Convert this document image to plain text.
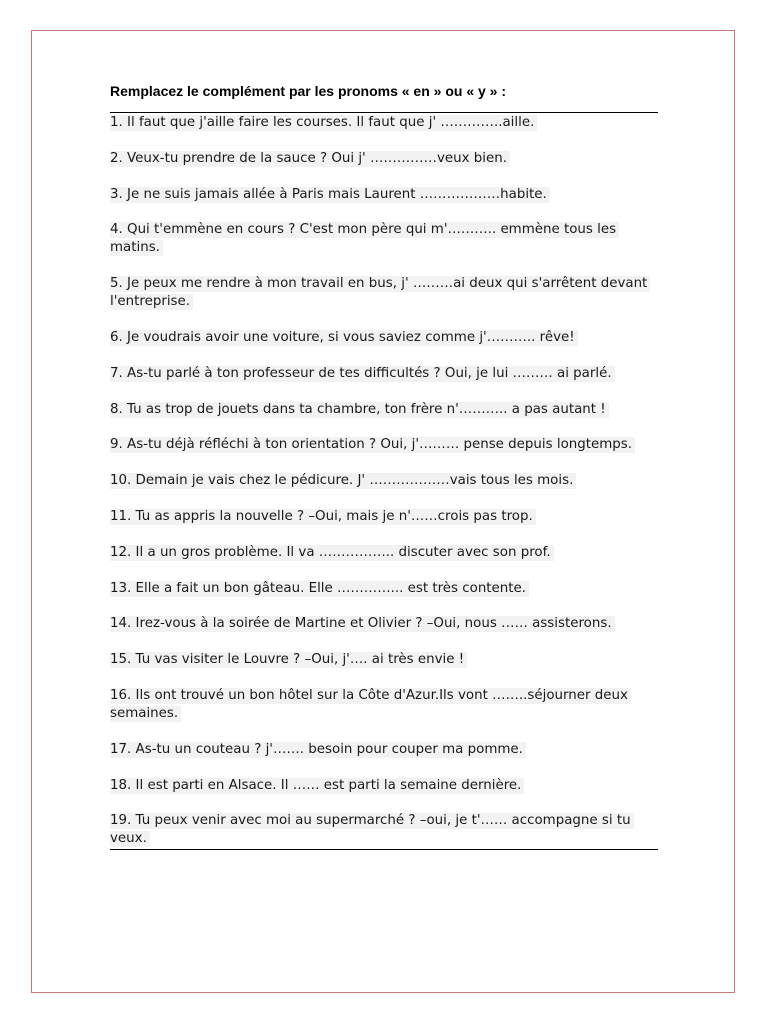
Remplacez le complément par les pronoms « en » ou « y » :
1. Il faut que j'aille faire les courses. Il faut que j' …………..aille.
2. Veux-tu prendre de la sauce ? Oui j' ……………veux bien.
3. Je ne suis jamais allée à Paris mais Laurent ………………habite.
4. Qui t'emmène en cours ? C'est mon père qui m'……….. emmène tous les matins.
5. Je peux me rendre à mon travail en bus, j' ………ai deux qui s'arrêtent devant l'entreprise.
6. Je voudrais avoir une voiture, si vous saviez comme j'……….. rêve!
7. As-tu parlé à ton professeur de tes difficultés ? Oui, je lui ……… ai parlé.
8. Tu as trop de jouets dans ta chambre, ton frère n'……….. a pas autant !
9. As-tu déjà réfléchi à ton orientation ? Oui, j'……… pense depuis longtemps.
10. Demain je vais chez le pédicure. J' ………………vais tous les mois.
11. Tu as appris la nouvelle ? –Oui, mais je n'……crois pas trop.
12. Il a un gros problème. Il va …………….. discuter avec son prof.
13. Elle a fait un bon gâteau. Elle …………... est très contente.
14. Irez-vous à la soirée de Martine et Olivier ? –Oui, nous …… assisterons.
15. Tu vas visiter le Louvre ? –Oui, j'…. ai très envie !
16. Ils ont trouvé un bon hôtel sur la Côte d'Azur.Ils vont ……..séjourner deux semaines.
17. As-tu un couteau ? j'……. besoin pour couper ma pomme.
18. Il est parti en Alsace. Il …… est parti la semaine dernière.
19. Tu peux venir avec moi au supermarché ? –oui, je t'…… accompagne si tu veux.
